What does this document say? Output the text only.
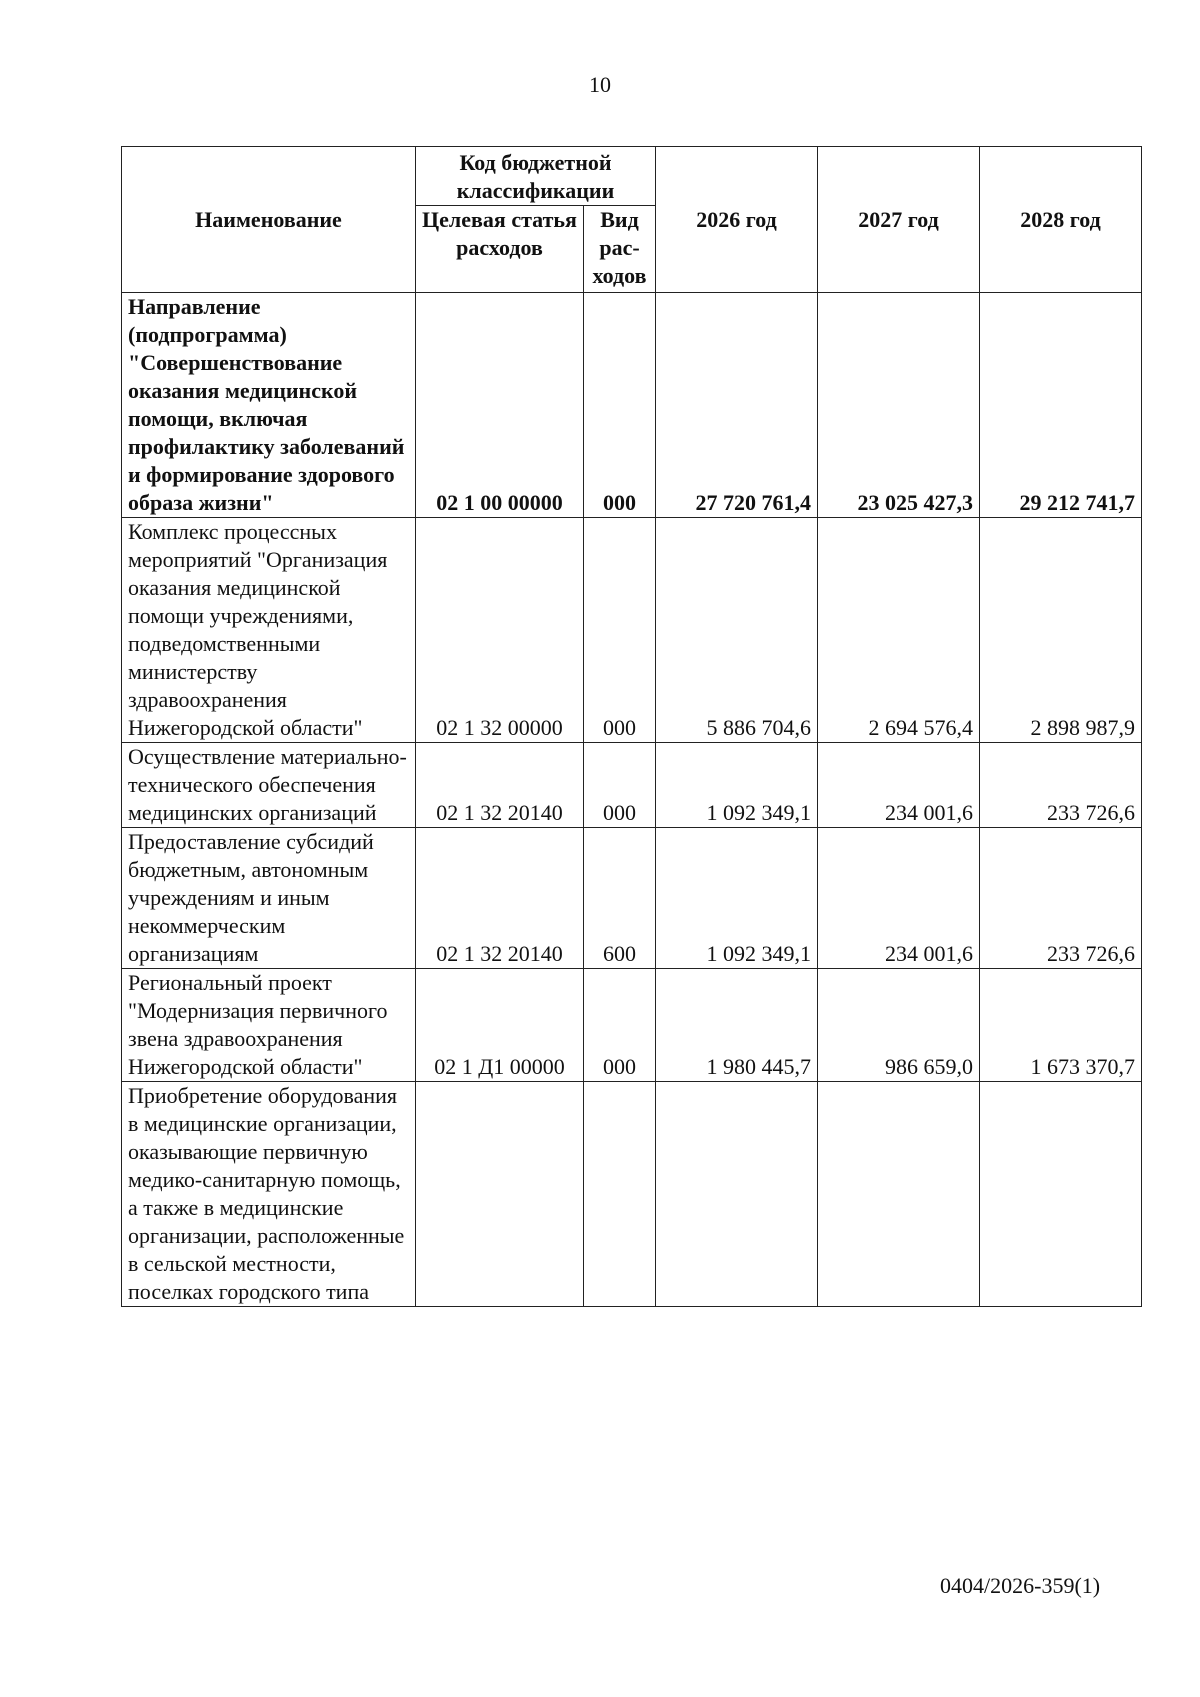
10
Наименование	Код бюджетной классификации		2026 год	2027 год	2028 год
	Целевая статья расходов	Вид рас-ходов			
Направление (подпрограмма) "Совершенствование оказания медицинской помощи, включая профилактику заболеваний и формирование здорового образа жизни"	02 1 00 00000	000	27 720 761,4	23 025 427,3	29 212 741,7
Комплекс процессных мероприятий "Организация оказания медицинской помощи учреждениями, подведомственными министерству здравоохранения Нижегородской области"	02 1 32 00000	000	5 886 704,6	2 694 576,4	2 898 987,9
Осуществление материально-технического обеспечения медицинских организаций	02 1 32 20140	000	1 092 349,1	234 001,6	233 726,6
Предоставление субсидий бюджетным, автономным учреждениям и иным некоммерческим организациям	02 1 32 20140	600	1 092 349,1	234 001,6	233 726,6
Региональный проект "Модернизация первичного звена здравоохранения Нижегородской области"	02 1 Д1 00000	000	1 980 445,7	986 659,0	1 673 370,7
Приобретение оборудования в медицинские организации, оказывающие первичную медико-санитарную помощь, а также в медицинские организации, расположенные в сельской местности, поселках городского типа					
0404/2026-359(1)
